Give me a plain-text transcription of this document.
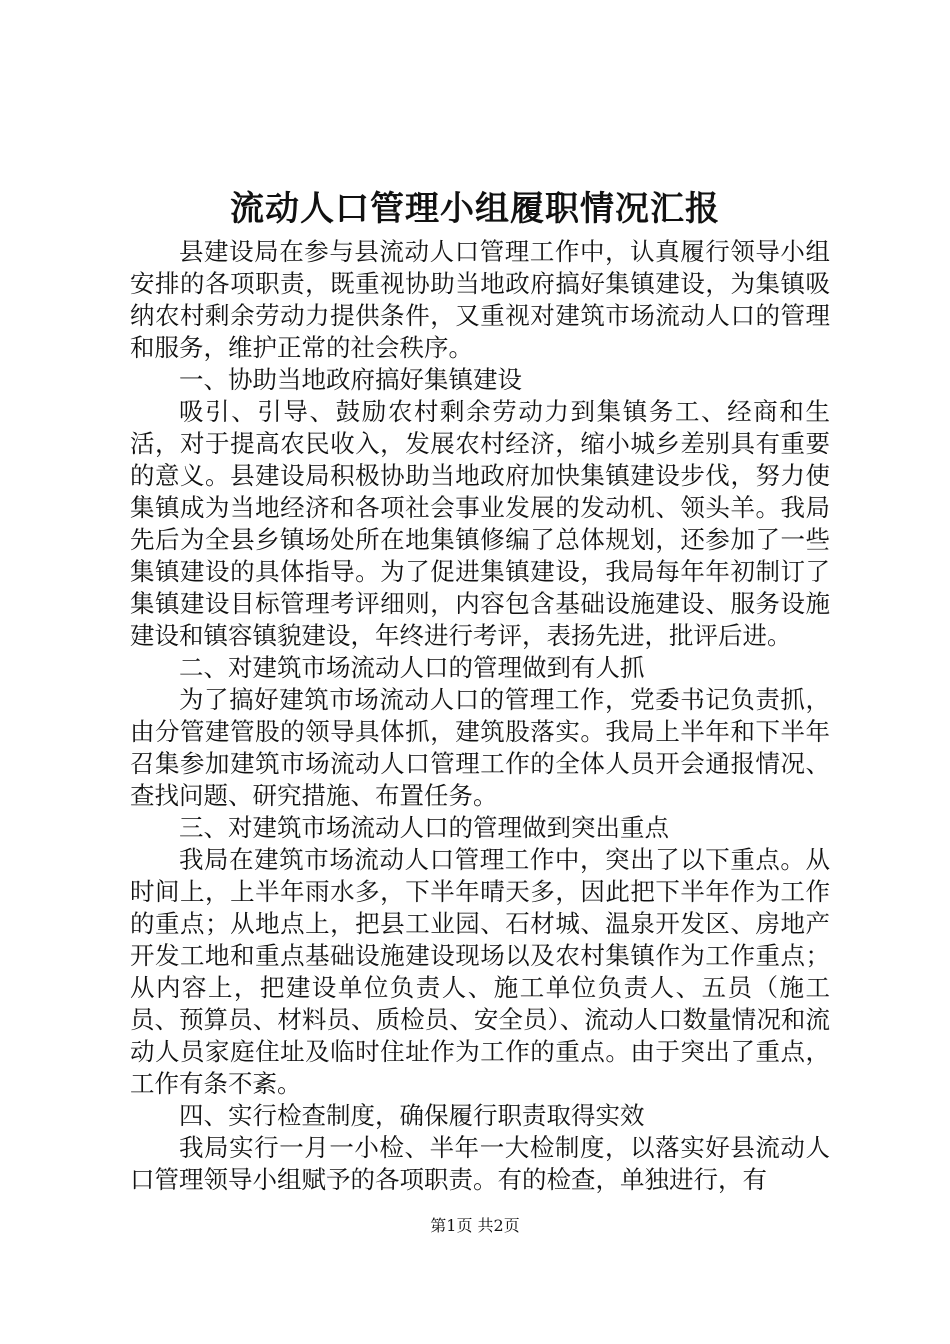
流动人口管理小组履职情况汇报

县建设局在参与县流动人口管理工作中，认真履行领导小组安排的各项职责，既重视协助当地政府搞好集镇建设，为集镇吸纳农村剩余劳动力提供条件，又重视对建筑市场流动人口的管理和服务，维护正常的社会秩序。

一、协助当地政府搞好集镇建设

吸引、引导、鼓励农村剩余劳动力到集镇务工、经商和生活，对于提高农民收入，发展农村经济，缩小城乡差别具有重要的意义。县建设局积极协助当地政府加快集镇建设步伐，努力使集镇成为当地经济和各项社会事业发展的发动机、领头羊。我局先后为全县乡镇场处所在地集镇修编了总体规划，还参加了一些集镇建设的具体指导。为了促进集镇建设，我局每年年初制订了集镇建设目标管理考评细则，内容包含基础设施建设、服务设施建设和镇容镇貌建设，年终进行考评，表扬先进，批评后进。

二、对建筑市场流动人口的管理做到有人抓

为了搞好建筑市场流动人口的管理工作，党委书记负责抓，由分管建管股的领导具体抓，建筑股落实。我局上半年和下半年召集参加建筑市场流动人口管理工作的全体人员开会通报情况、查找问题、研究措施、布置任务。

三、对建筑市场流动人口的管理做到突出重点

我局在建筑市场流动人口管理工作中，突出了以下重点。从时间上，上半年雨水多，下半年晴天多，因此把下半年作为工作的重点；从地点上，把县工业园、石材城、温泉开发区、房地产开发工地和重点基础设施建设现场以及农村集镇作为工作重点；从内容上，把建设单位负责人、施工单位负责人、五员（施工员、预算员、材料员、质检员、安全员）、流动人口数量情况和流动人员家庭住址及临时住址作为工作的重点。由于突出了重点，工作有条不紊。

四、实行检查制度，确保履行职责取得实效

我局实行一月一小检、半年一大检制度，以落实好县流动人口管理领导小组赋予的各项职责。有的检查，单独进行，有

第1页 共2页
